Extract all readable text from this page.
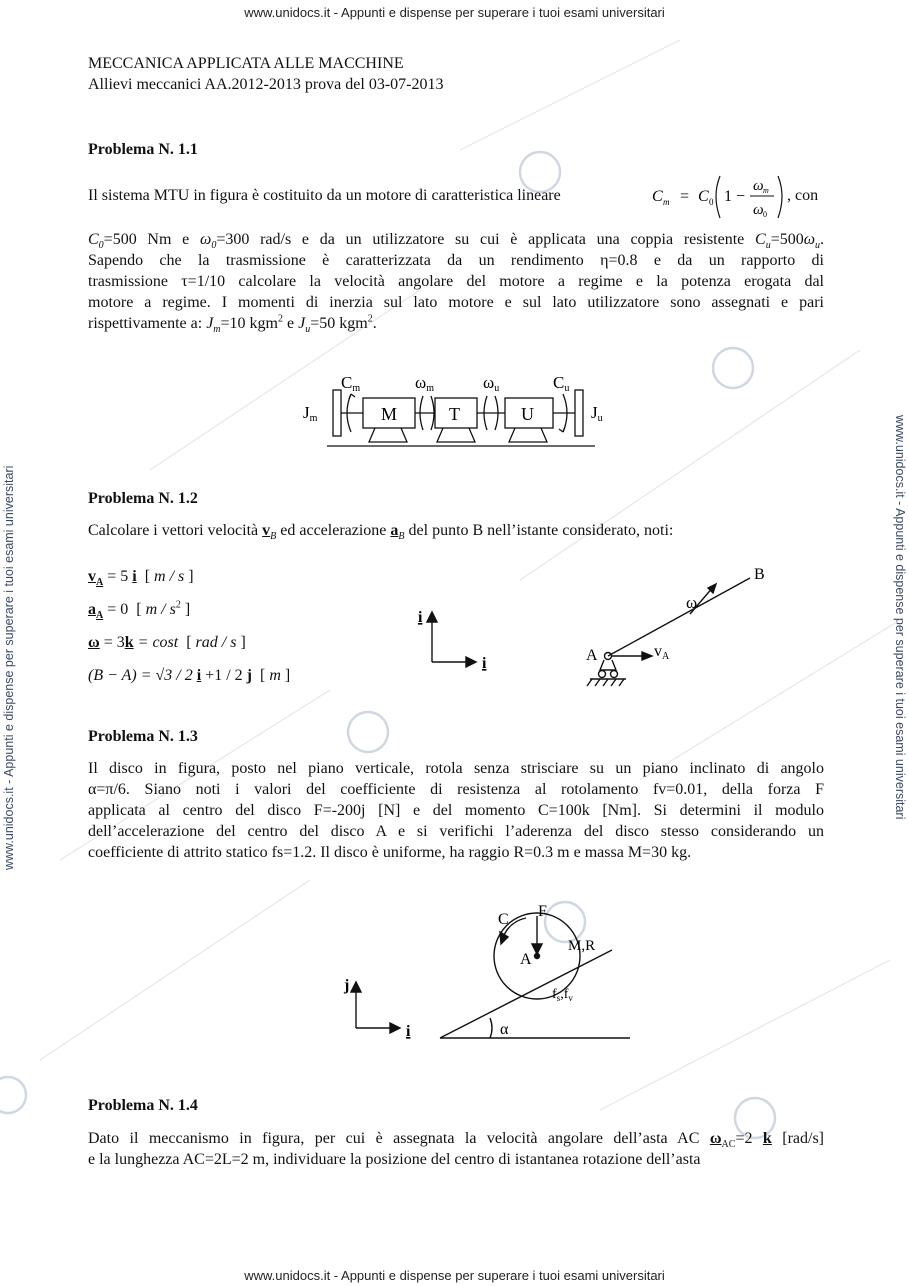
www.unidocs.it - Appunti e dispense per superare i tuoi esami universitari
www.unidocs.it - Appunti e dispense per superare i tuoi esami universitari
www.unidocs.it - Appunti e dispense per superare i tuoi esami universitari	www.unidocs.it - Appunti e dispense per superare i tuoi esami universitari
MECCANICA APPLICATA ALLE MACCHINE
Allievi meccanici AA.2012-2013 prova del 03-07-2013
Problema N. 1.1
Il sistema MTU in figura è costituito da un motore di caratteristica lineare	C m = C 0 1 −
ω m
ω 0
, con
$C_0=500$ Nm e $\omega_0=300$ rad/s e da un utilizzatore su cui è applicata una coppia resistente $C_u=500\omega_u$.
Sapendo che la trasmissione è caratterizzata da un rendimento η=0.8 e da un rapporto di
trasmissione τ=1/10 calcolare la velocità angolare del motore a regime e la potenza erogata dal
motore a regime. I momenti di inerzia sul lato motore e sul lato utilizzatore sono assegnati e pari
rispettivamente a: $J_m=10$ kgm$^2$ e $J_u=50$ kgm$^2$.
Jm
Cm	ωm	ωu	Cu
Ju
M	T	U
Problema N. 1.2
Calcolare i vettori velocità $v_B$ ed accelerazione $a_B$ del punto B nell’istante considerato, noti:
$v_A = 5$ i  [ m / s ]
$a_A = 0$  [ m / $s^2$ ]
ω = 3k = cost  [ rad / s ]
(B − A) = √3 / 2 i +1 / 2 j  [ m ]
i
i
B
A
ω
vA
Problema N. 1.3
Il disco in figura, posto nel piano verticale, rotola senza strisciare su un piano inclinato di angolo
α=π/6. Siano noti i valori del coefficiente di resistenza al rotolamento fv=0.01, della forza F
applicata al centro del disco F=-200j [N] e del momento C=100k [Nm]. Si determini il modulo
dell’accelerazione del centro del disco A e si verifichi l’aderenza del disco stesso considerando un
coefficiente di attrito statico fs=1.2. Il disco è uniforme, ha raggio R=0.3 m e massa M=30 kg.
C F
M,R
A
$f_s,f_v$
α
j
i
Problema N. 1.4
Dato il meccanismo in figura, per cui è assegnata la velocità angolare dell’asta AC $\omega_{AC}=2$ k [rad/s]
e la lunghezza AC=2L=2 m, individuare la posizione del centro di istantanea rotazione dell’asta
